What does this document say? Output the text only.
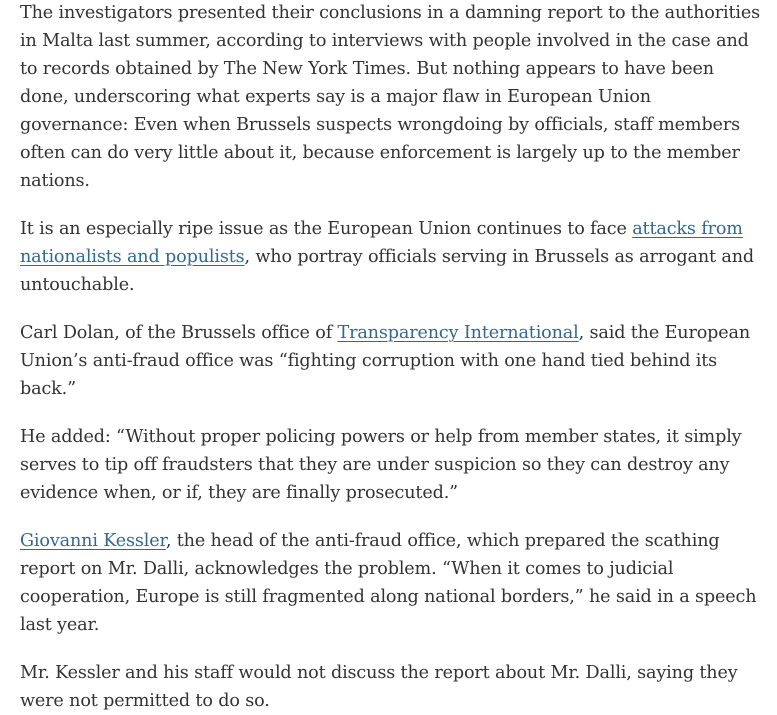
The investigators presented their conclusions in a damning report to the authorities in Malta last summer, according to interviews with people involved in the case and to records obtained by The New York Times. But nothing appears to have been done, underscoring what experts say is a major flaw in European Union governance: Even when Brussels suspects wrongdoing by officials, staff members often can do very little about it, because enforcement is largely up to the member nations.

It is an especially ripe issue as the European Union continues to face attacks from nationalists and populists, who portray officials serving in Brussels as arrogant and untouchable.

Carl Dolan, of the Brussels office of Transparency International, said the European Union’s anti-fraud office was “fighting corruption with one hand tied behind its back.”

He added: “Without proper policing powers or help from member states, it simply serves to tip off fraudsters that they are under suspicion so they can destroy any evidence when, or if, they are finally prosecuted.”

Giovanni Kessler, the head of the anti-fraud office, which prepared the scathing report on Mr. Dalli, acknowledges the problem. “When it comes to judicial cooperation, Europe is still fragmented along national borders,” he said in a speech last year.

Mr. Kessler and his staff would not discuss the report about Mr. Dalli, saying they were not permitted to do so.
